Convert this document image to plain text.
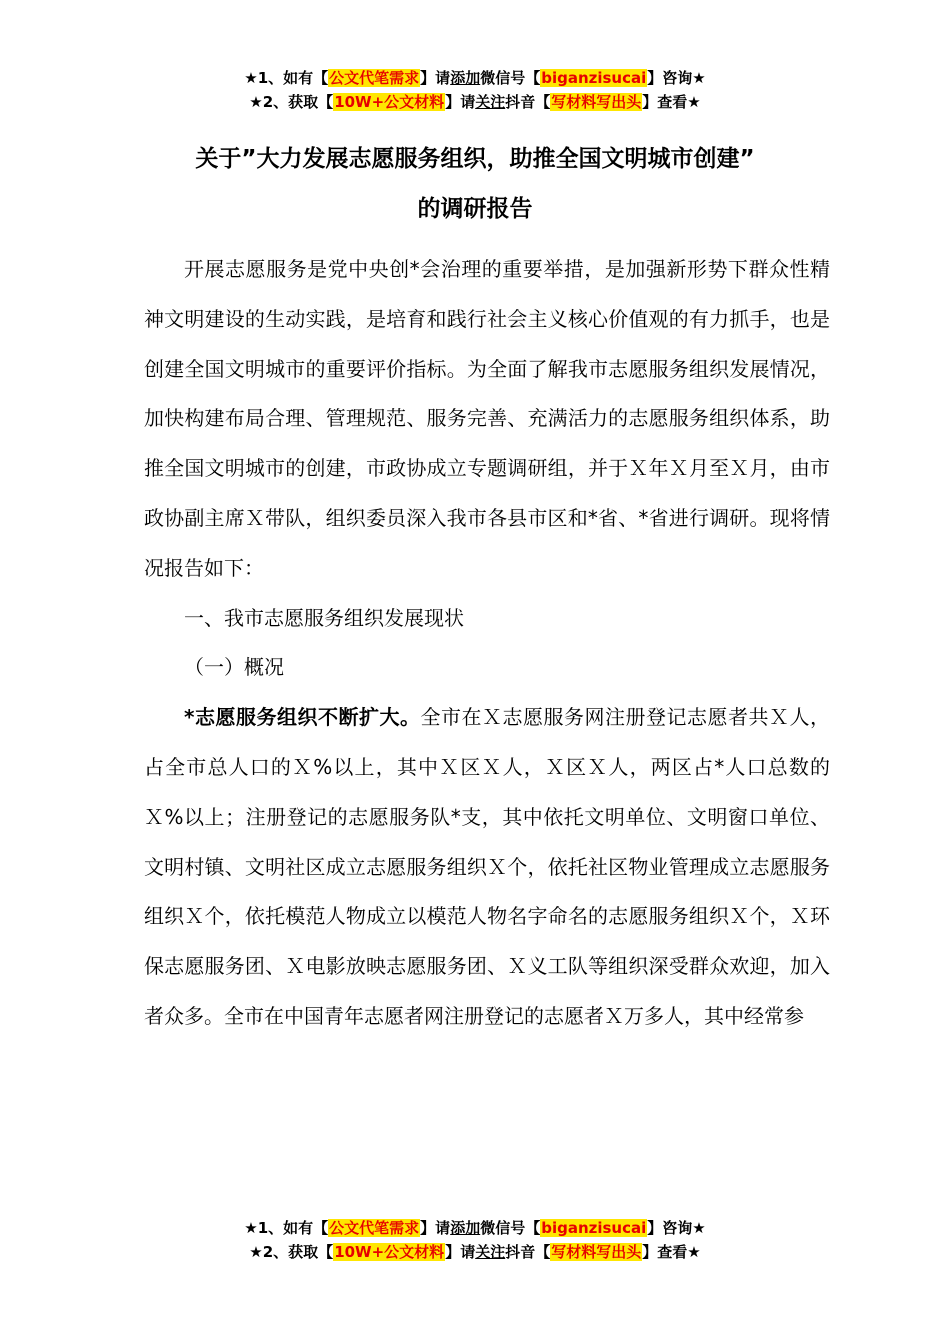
★1、如有【公文代笔需求】请添加微信号【biganzisucai】咨询★
★2、获取【10W+公文材料】请关注抖音【写材料写出头】查看★
关于”大力发展志愿服务组织，助推全国文明城市创建”
的调研报告

开展志愿服务是党中央创*会治理的重要举措，是加强新形势下群众性精神文明建设的生动实践，是培育和践行社会主义核心价值观的有力抓手，也是创建全国文明城市的重要评价指标。为全面了解我市志愿服务组织发展情况，加快构建布局合理、管理规范、服务完善、充满活力的志愿服务组织体系，助推全国文明城市的创建，市政协成立专题调研组，并于Ｘ年Ｘ月至Ｘ月，由市政协副主席Ｘ带队，组织委员深入我市各县市区和*省、*省进行调研。现将情况报告如下：

一、我市志愿服务组织发展现状

（一）概况

*志愿服务组织不断扩大。全市在Ｘ志愿服务网注册登记志愿者共Ｘ人，占全市总人口的Ｘ%以上，其中Ｘ区Ｘ人，Ｘ区Ｘ人，两区占*人口总数的Ｘ%以上；注册登记的志愿服务队*支，其中依托文明单位、文明窗口单位、文明村镇、文明社区成立志愿服务组织Ｘ个，依托社区物业管理成立志愿服务组织Ｘ个，依托模范人物成立以模范人物名字命名的志愿服务组织Ｘ个，Ｘ环保志愿服务团、Ｘ电影放映志愿服务团、Ｘ义工队等组织深受群众欢迎，加入者众多。全市在中国青年志愿者网注册登记的志愿者Ｘ万多人，其中经常参

★1、如有【公文代笔需求】请添加微信号【biganzisucai】咨询★
★2、获取【10W+公文材料】请关注抖音【写材料写出头】查看★
